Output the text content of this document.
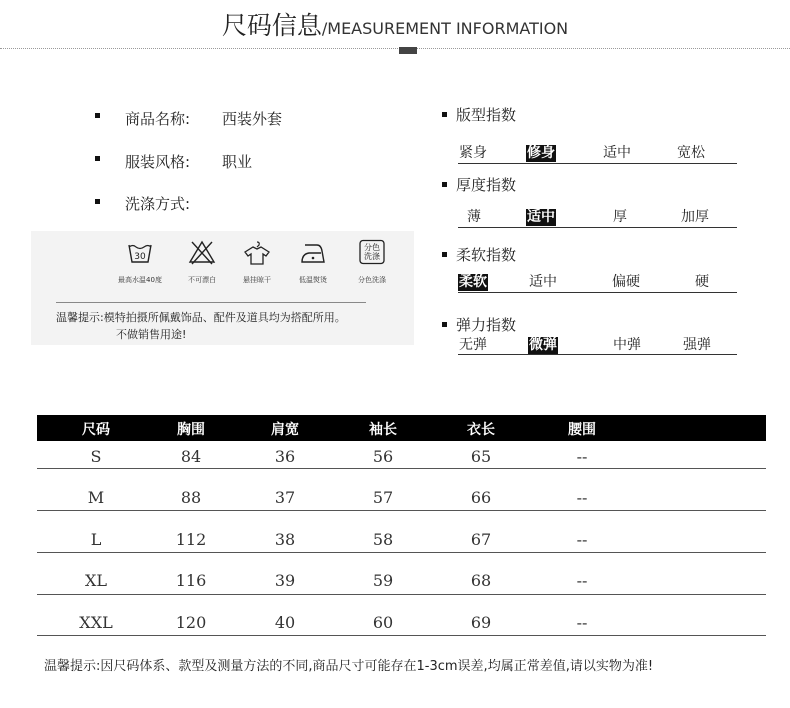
尺码信息/MEASUREMENT INFORMATION
商品名称: 西装外套
服装风格: 职业
洗涤方式:
30
最高水温40度	不可漂白	悬挂晾干	低温熨烫
分色
洗涤
分色洗涤
温馨提示:模特拍摄所佩戴饰品、配件及道具均为搭配所用。
不做销售用途!
版型指数
紧身	修身	适中	宽松
厚度指数
薄	适中	厚	加厚
柔软指数
柔软	适中	偏硬	硬
弹力指数
无弹	微弹	中弹	强弹
尺码	胸围	肩宽	袖长	衣长	腰围
S	84	36	56	65	--
M	88	37	57	66	--
L	112	38	58	67	--
XL	116	39	59	68	--
XXL	120	40	60	69	--
温馨提示:因尺码体系、款型及测量方法的不同,商品尺寸可能存在1-3cm误差,均属正常差值,请以实物为准!
